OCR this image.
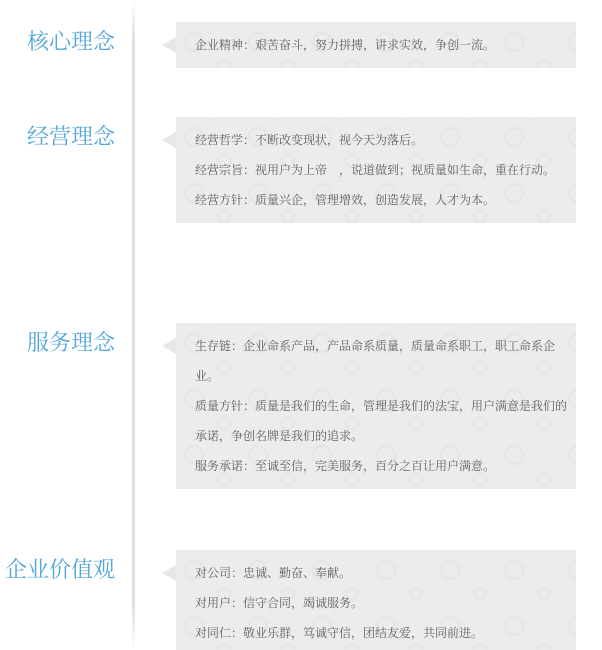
核心理念	企业精神：艰苦奋斗，努力拼搏，讲求实效，争创一流。

经营理念	经营哲学：不断改变现状，视今天为落后。

经营宗旨：视用户为上帝　，说道做到；视质量如生命，重在行动。

经营方针：质量兴企，管理增效，创造发展，人才为本。

服务理念	生存链：企业命系产品，产品命系质量，质量命系职工，职工命系企业。

质量方针：质量是我们的生命，管理是我们的法宝，用户满意是我们的承诺，争创名牌是我们的追求。

服务承诺：至诚至信，完美服务，百分之百让用户满意。

企业价值观	对公司：忠诚、勤奋、奉献。

对用户：信守合同，竭诚服务。

对同仁：敬业乐群，笃诚守信，团结友爱，共同前进。
